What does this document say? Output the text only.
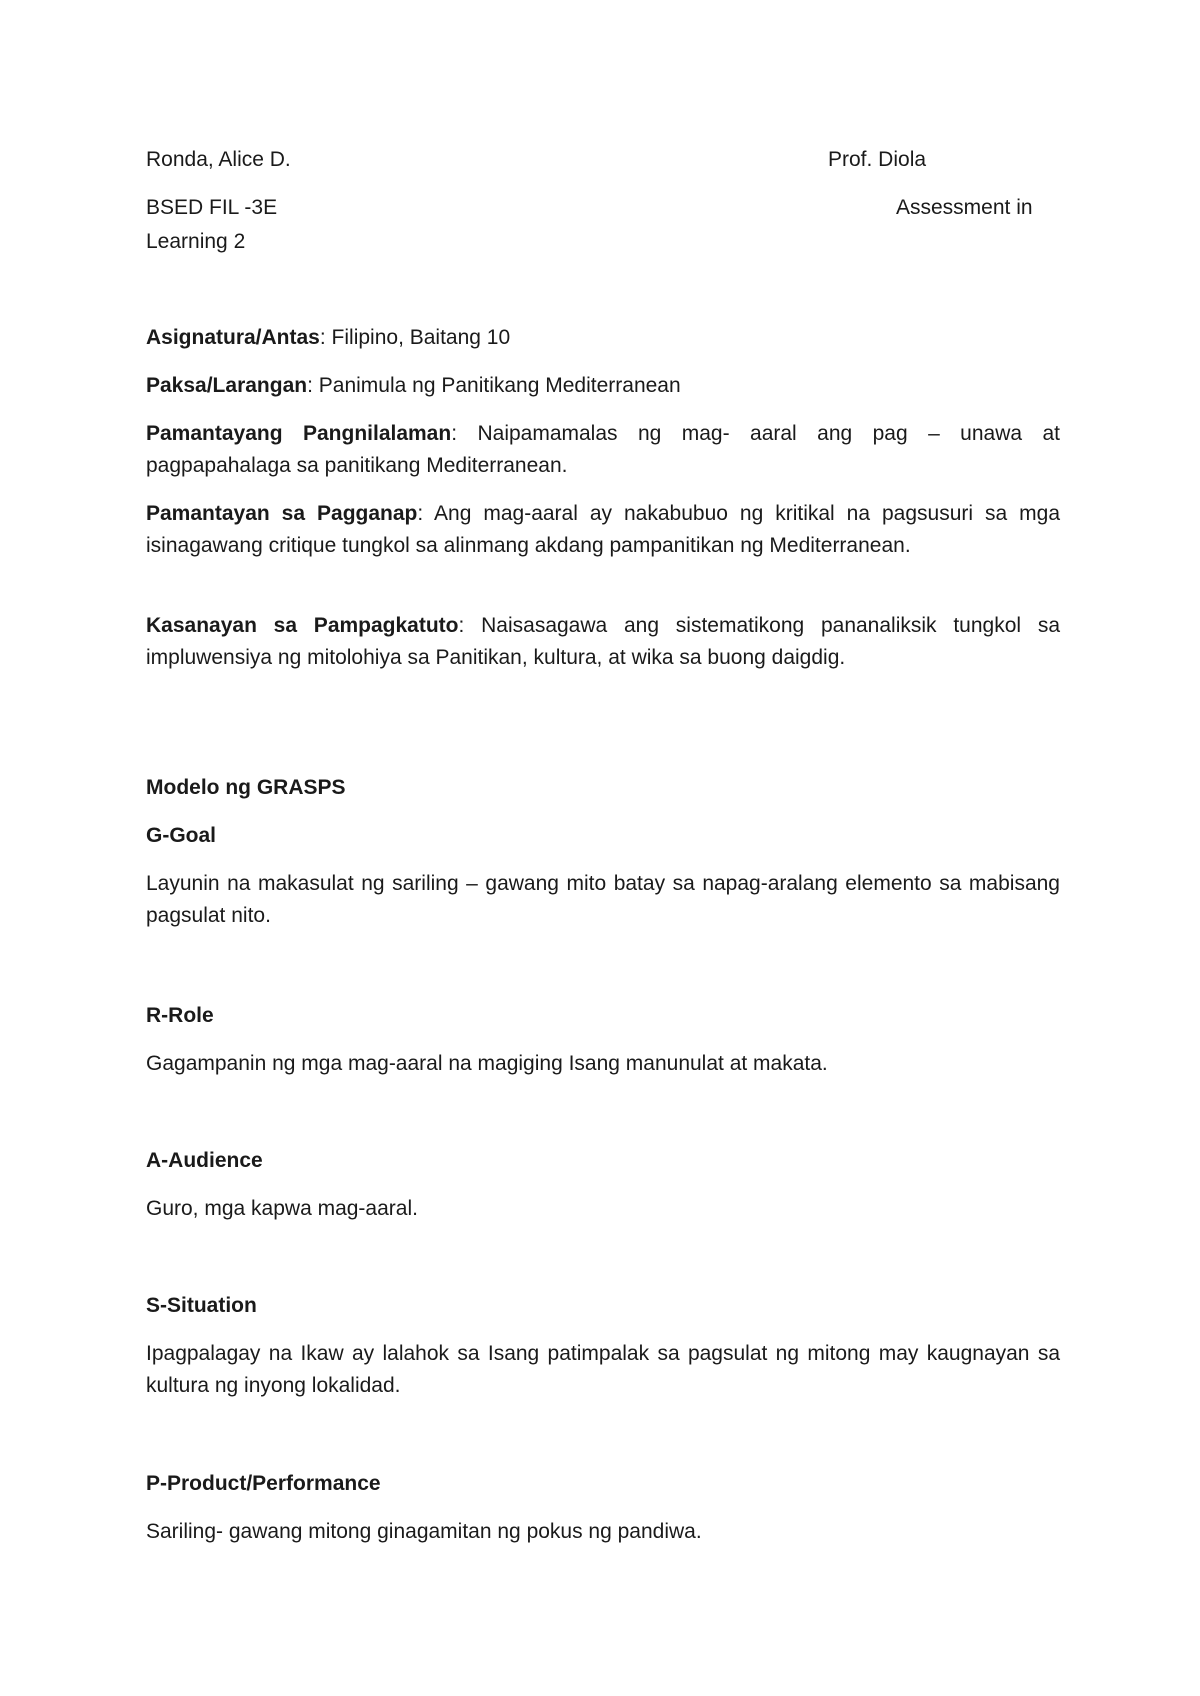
Ronda, Alice D.	Prof. Diola

BSED FIL -3E	Assessment in

Learning 2

Asignatura/Antas: Filipino, Baitang 10

Paksa/Larangan: Panimula ng Panitikang Mediterranean

Pamantayang Pangnilalaman: Naipamamalas ng mag- aaral ang pag – unawa at pagpapahalaga sa panitikang Mediterranean.

Pamantayan sa Pagganap: Ang mag-aaral ay nakabubuo ng kritikal na pagsusuri sa mga isinagawang critique tungkol sa alinmang akdang pampanitikan ng Mediterranean.

Kasanayan sa Pampagkatuto: Naisasagawa ang sistematikong pananaliksik tungkol sa impluwensiya ng mitolohiya sa Panitikan, kultura, at wika sa buong daigdig.

Modelo ng GRASPS

G-Goal

Layunin na makasulat ng sariling – gawang mito batay sa napag-aralang elemento sa mabisang pagsulat nito.

R-Role

Gagampanin ng mga mag-aaral na magiging Isang manunulat at makata.

A-Audience

Guro, mga kapwa mag-aaral.

S-Situation

Ipagpalagay na Ikaw ay lalahok sa Isang patimpalak sa pagsulat ng mitong may kaugnayan sa kultura ng inyong lokalidad.

P-Product/Performance

Sariling- gawang mitong ginagamitan ng pokus ng pandiwa.
